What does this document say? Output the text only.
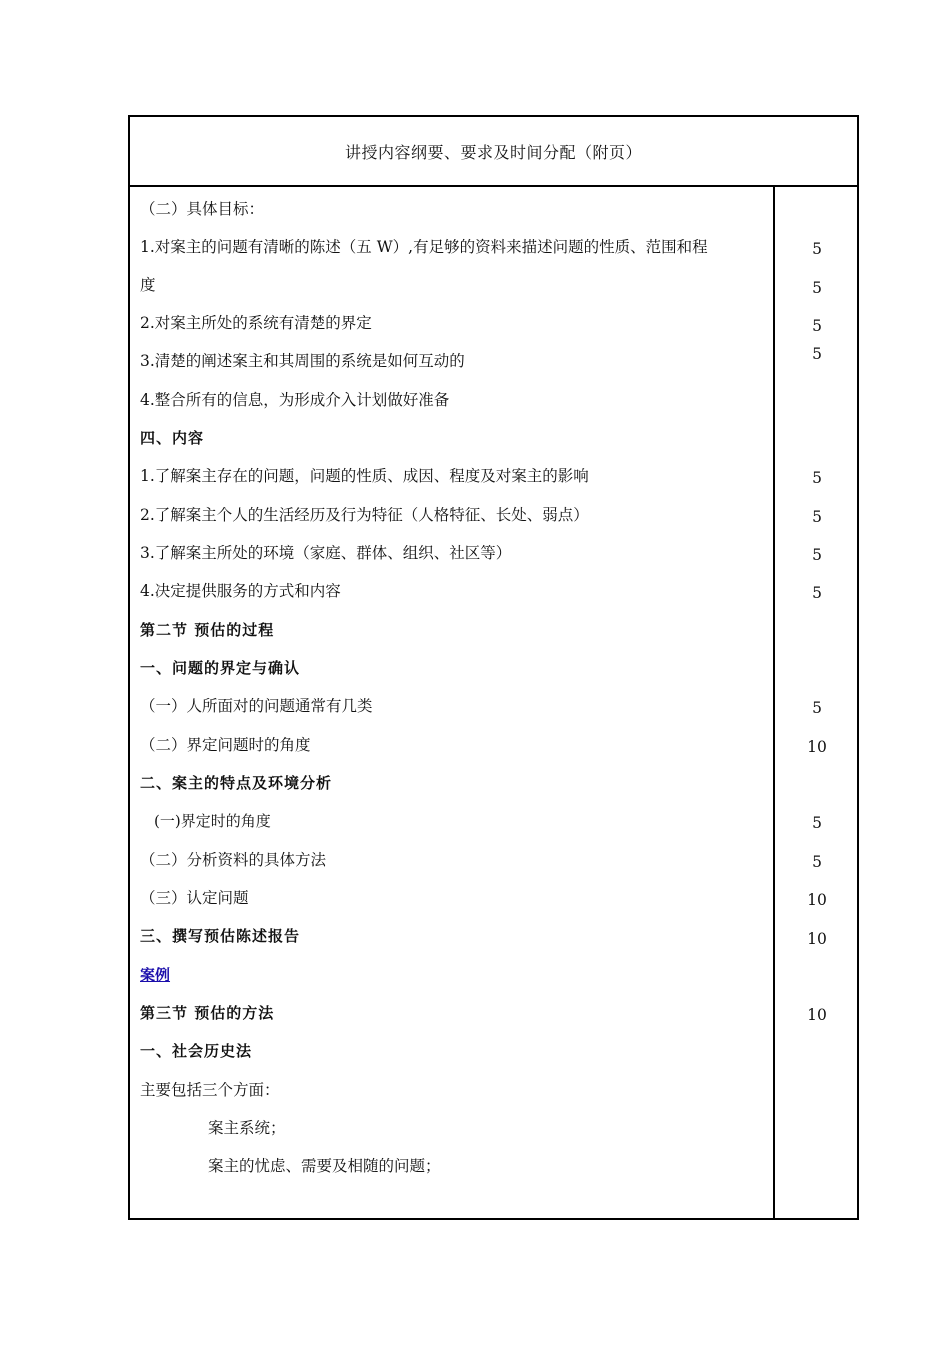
讲授内容纲要、要求及时间分配（附页）
（二）具体目标：
1.对案主的问题有清晰的陈述（五 W）,有足够的资料来描述问题的性质、范围和程
度
2.对案主所处的系统有清楚的界定
3.清楚的阐述案主和其周围的系统是如何互动的
4.整合所有的信息，为形成介入计划做好准备
四、内容
1.了解案主存在的问题，问题的性质、成因、程度及对案主的影响
2.了解案主个人的生活经历及行为特征（人格特征、长处、弱点）
3.了解案主所处的环境（家庭、群体、组织、社区等）
4.决定提供服务的方式和内容
第二节 预估的过程
一、问题的界定与确认
（一）人所面对的问题通常有几类
（二）界定问题时的角度
二、案主的特点及环境分析
(一)界定时的角度
（二）分析资料的具体方法
（三）认定问题
三、撰写预估陈述报告
案例
第三节 预估的方法
一、社会历史法
主要包括三个方面：
案主系统；
案主的忧虑、需要及相随的问题；
5
5
5
5
5
5
5
5
5
10
5
5
10
10
10
